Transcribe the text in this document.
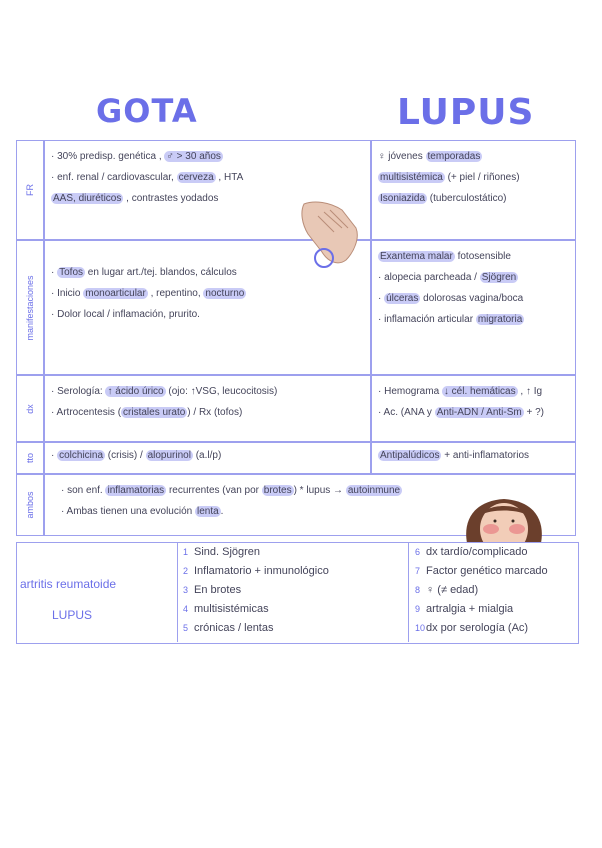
GOTA	LUPUS
FR
· 30% predisp. genética , ♂ > 30 años
· enf. renal / cardiovascular, cerveza , HTA
AAS, diuréticos , contrastes yodados
♀ jóvenes temporadas
multisistémica (+ piel / riñones)
Isoniazida (tuberculostático)
manifestaciones
· Tofos en lugar art./tej. blandos, cálculos
· Inicio monoarticular , repentino, nocturno
· Dolor local / inflamación, prurito.
Exantema malar fotosensible
· alopecia parcheada / Sjögren
· úlceras dolorosas vagina/boca
· inflamación articular migratoria
dx
· Serología: ↑ ácido úrico (ojo: ↑VSG, leucocitosis)
· Artrocentesis ( cristales urato ) / Rx (tofos)
· Hemograma ↓ cél. hemáticas , ↑ Ig
· Ac. (ANA y Anti-ADN / Anti-Sm + ?)
tto · colchicina (crisis) / alopurinol (a.l/p)	Antipalúdicos + anti-inflamatorios
ambos
· son enf. inflamatorias recurrentes (van por brotes ) * lupus → autoinmune
· Ambas tienen una evolución lenta .
artritis reumatoide
LUPUS
1 Sind. Sjögren
2 Inflamatorio + inmunológico
3 En brotes
4 multisistémicas
5 crónicas / lentas
6 dx tardío/complicado
7 Factor genético marcado
8 ♀ (≠ edad)
9 artralgia + mialgia
10dx por serología (Ac)
